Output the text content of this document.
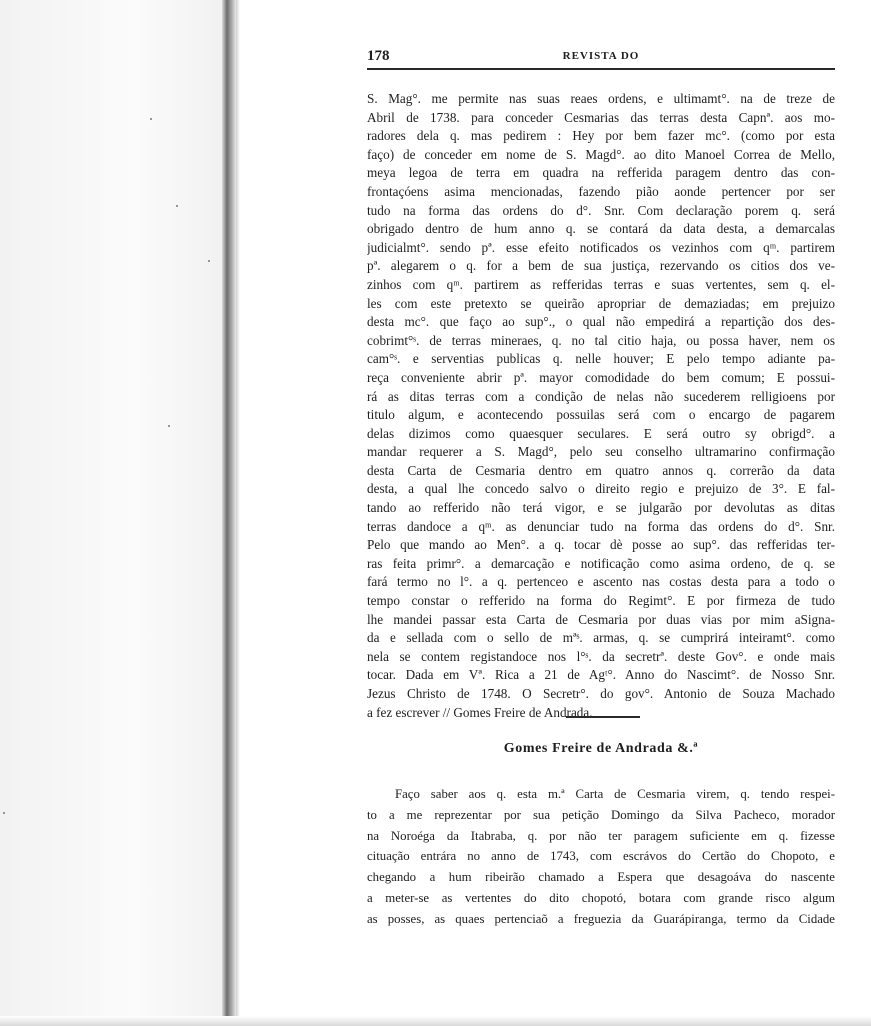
178	REVISTA DO
S. Mag°. me permite nas suas reaes ordens, e ultimamt°. na de treze de
Abril de 1738. para conceder Cesmarias das terras desta Capnª. aos mo-
radores dela q. mas pedirem : Hey por bem fazer mc°. (como por esta
faço) de conceder em nome de S. Magd°. ao dito Manoel Correa de Mello,
meya legoa de terra em quadra na refferida paragem dentro das con-
frontaçóens asima mencionadas, fazendo pião aonde pertencer por ser
tudo na forma das ordens do d°. Snr. Com declaração porem q. será
obrigado dentro de hum anno q. se contará da data desta, a demarcalas
judicialmt°. sendo pª. esse efeito notificados os vezinhos com qᵐ. partirem
pª. alegarem o q. for a bem de sua justiça, rezervando os citios dos ve-
zinhos com qᵐ. partirem as refferidas terras e suas vertentes, sem q. el-
les com este pretexto se queirão apropriar de demaziadas; em prejuizo
desta mc°. que faço ao sup°., o qual não empedirá a repartição dos des-
cobrimt°ˢ. de terras mineraes, q. no tal citio haja, ou possa haver, nem os
cam°ˢ. e serventias publicas q. nelle houver; E pelo tempo adiante pa-
reça conveniente abrir pª. mayor comodidade do bem comum; E possui-
rá as ditas terras com a condição de nelas não sucederem relligioens por
titulo algum, e acontecendo possuilas será com o encargo de pagarem
delas dizimos como quaesquer seculares. E será outro sy obrigd°. a
mandar requerer a S. Magd°, pelo seu conselho ultramarino confirmação
desta Carta de Cesmaria dentro em quatro annos q. correrão da data
desta, a qual lhe concedo salvo o direito regio e prejuizo de 3°. E fal-
tando ao refferido não terá vigor, e se julgarão por devolutas as ditas
terras dandoce a qᵐ. as denunciar tudo na forma das ordens do d°. Snr.
Pelo que mando ao Men°. a q. tocar dè posse ao sup°. das refferidas ter-
ras feita primr°. a demarcação e notificação como asima ordeno, de q. se
fará termo no l°. a q. pertenceo e ascento nas costas desta para a todo o
tempo constar o refferido na forma do Regimt°. E por firmeza de tudo
lhe mandei passar esta Carta de Cesmaria por duas vias por mim aSigna-
da e sellada com o sello de mªˢ. armas, q. se cumprirá inteiramt°. como
nela se contem registandoce nos l°ˢ. da secretrª. deste Gov°. e onde mais
tocar. Dada em Vª. Rica a 21 de Agᵗ°. Anno do Nascimt°. de Nosso Snr.
Jezus Christo de 1748. O Secretr°. do gov°. Antonio de Souza Machado
a fez escrever // Gomes Freire de Andrada.
Gomes Freire de Andrada &.ª
Faço saber aos q. esta m.ª Carta de Cesmaria virem, q. tendo respei-
to a me reprezentar por sua petição Domingo da Silva Pacheco, morador
na Noroéga da Itabraba, q. por não ter paragem suficiente em q. fizesse
cituação entrára no anno de 1743, com escrávos do Certão do Chopoto, e
chegando a hum ribeirão chamado a Espera que desagoáva do nascente
a meter-se as vertentes do dito chopotó, botara com grande risco algum
as posses, as quaes pertenciaõ a freguezia da Guarápiranga, termo da Cidade
